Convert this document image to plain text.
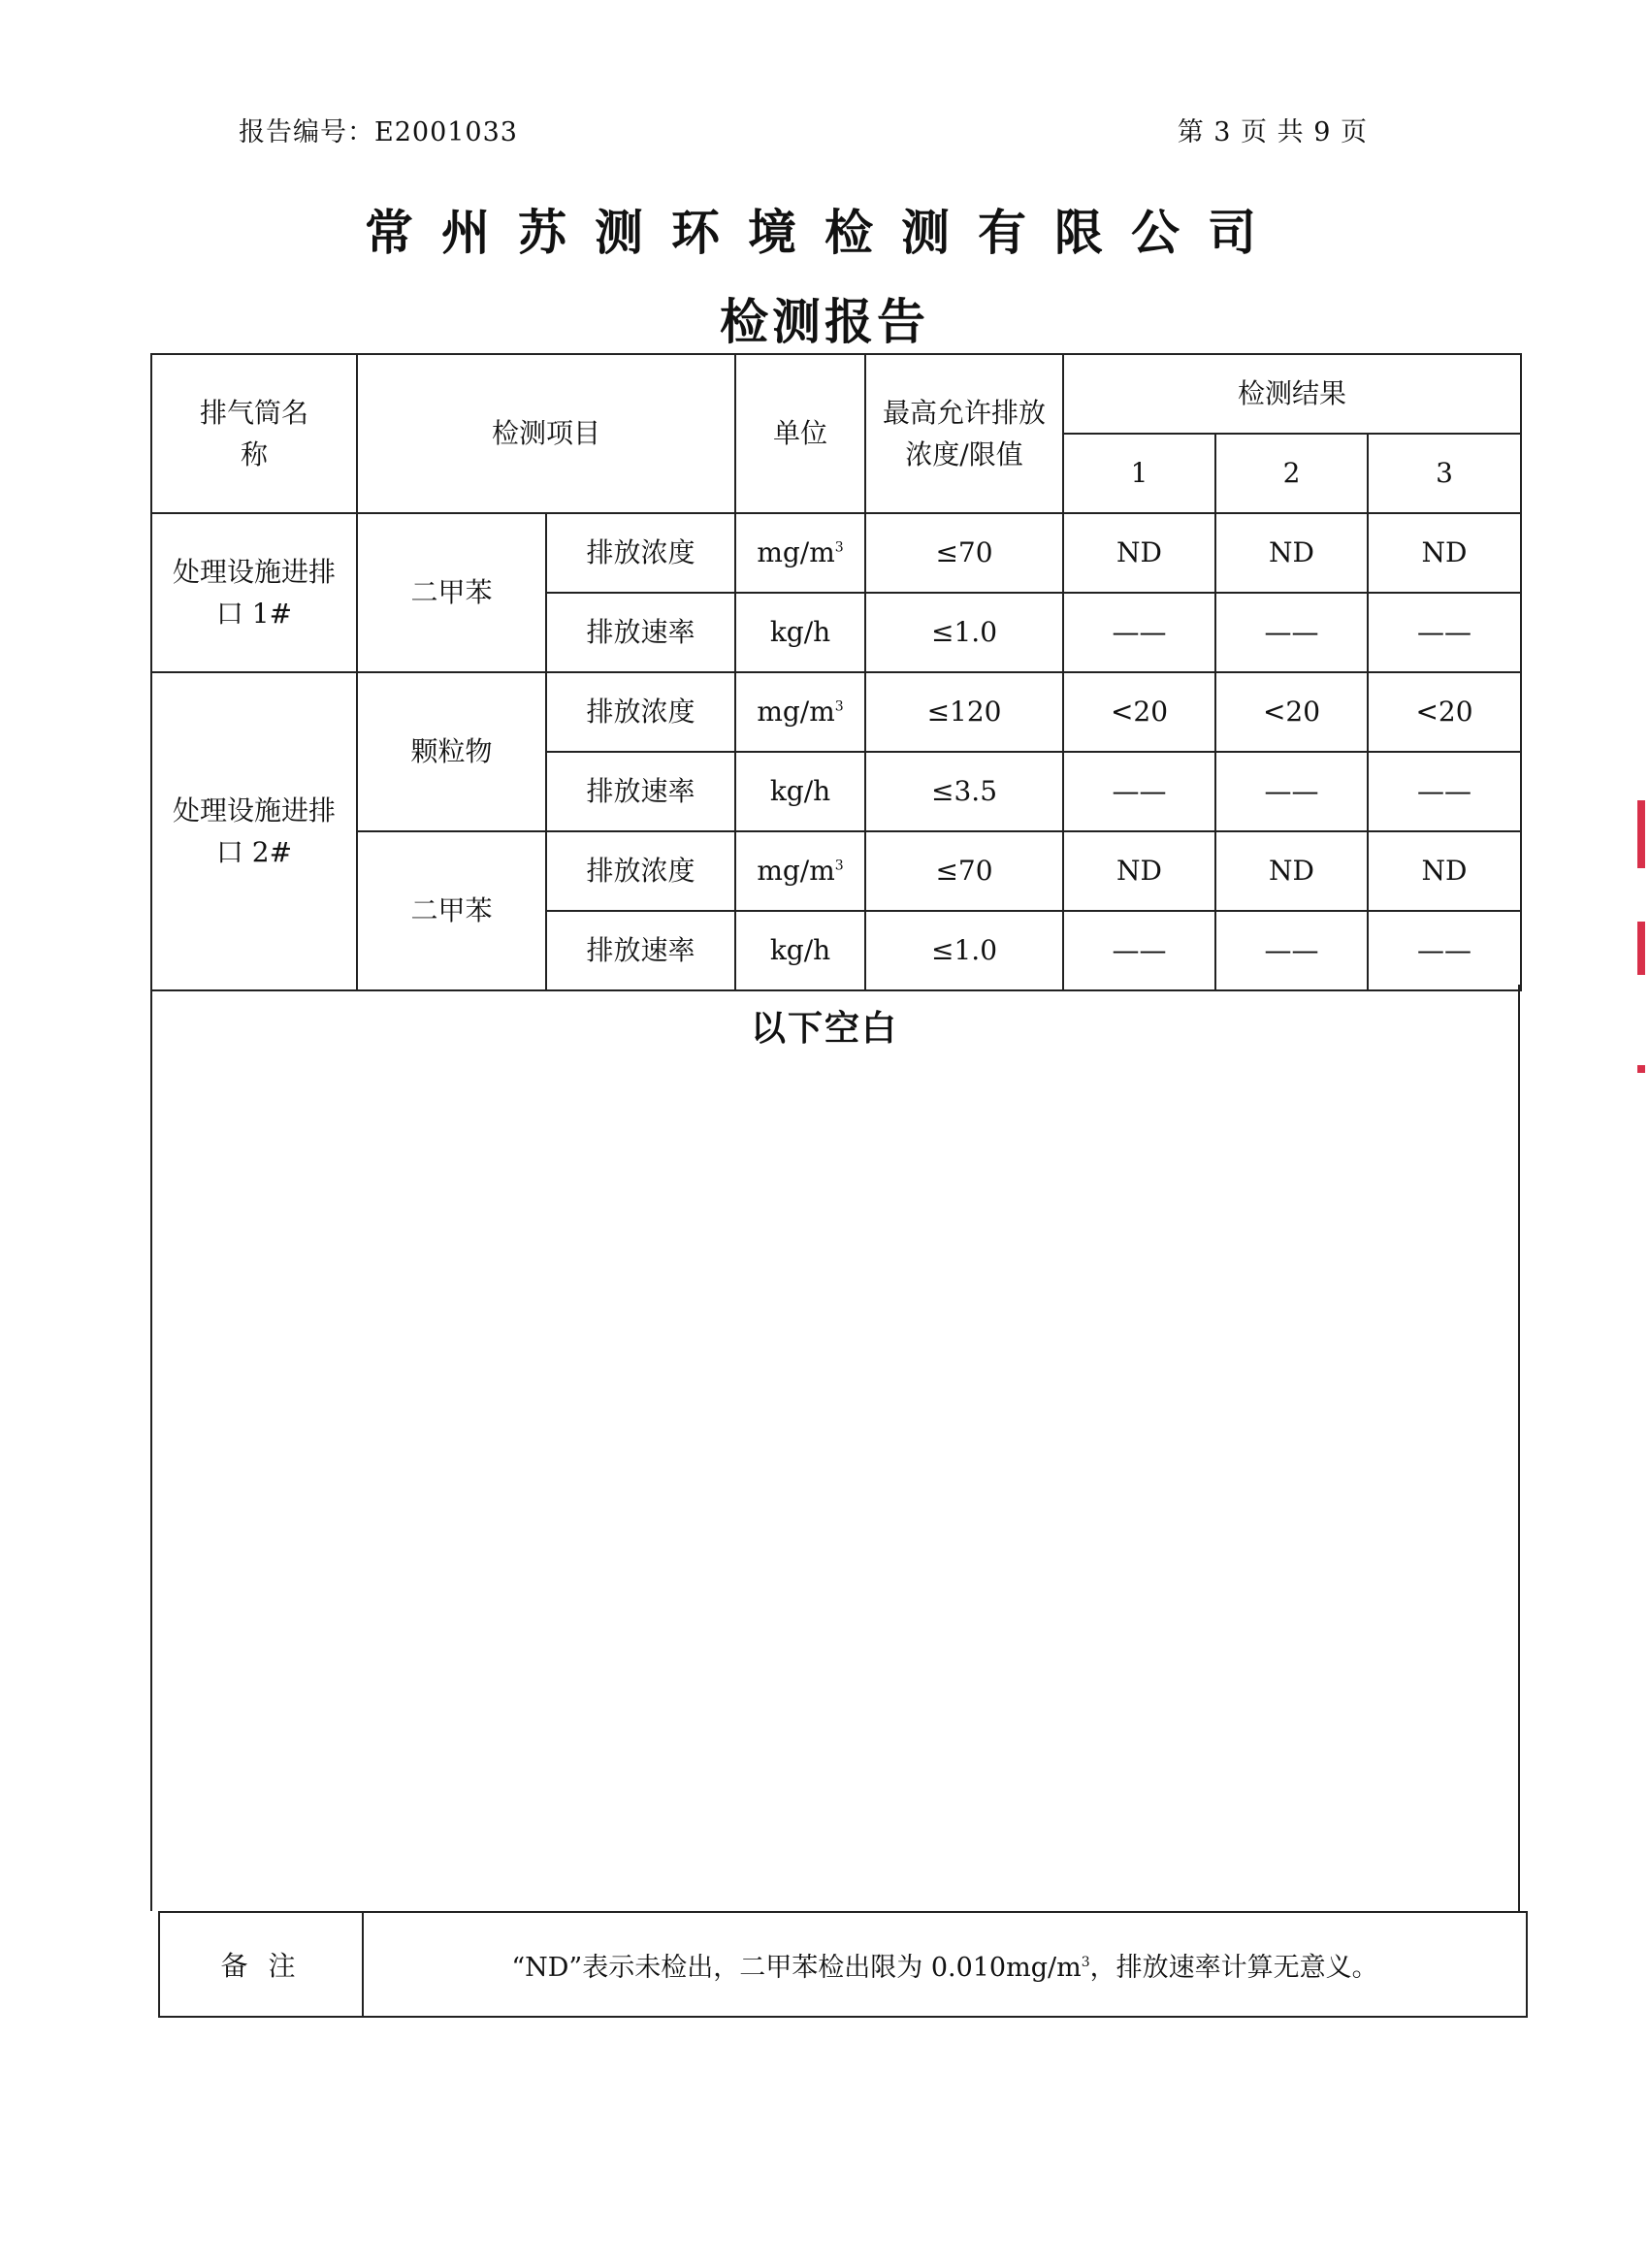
报告编号：E2001033	第 3 页 共 9 页
常州苏测环境检测有限公司
检测报告
排气筒名称	检测项目		单位	最高允许排放浓度/限值	检测结果		
					1	2	3

处理设施进排口 1#	二甲苯	排放浓度	$mg/m^3$	≤70	ND	ND	ND
		排放速率	kg/h	≤1.0	——	——	——

处理设施进排口 2#	颗粒物	排放浓度	$mg/m^3$	≤120	<20	<20	<20
		排放速率	kg/h	≤3.5	——	——	——
	二甲苯	排放浓度	$mg/m^3$	≤70	ND	ND	ND
		排放速率	kg/h	≤1.0	——	——	——
以下空白
备 注	“ND”表示未检出，二甲苯检出限为 $0.010mg/m^3$，排放速率计算无意义。
